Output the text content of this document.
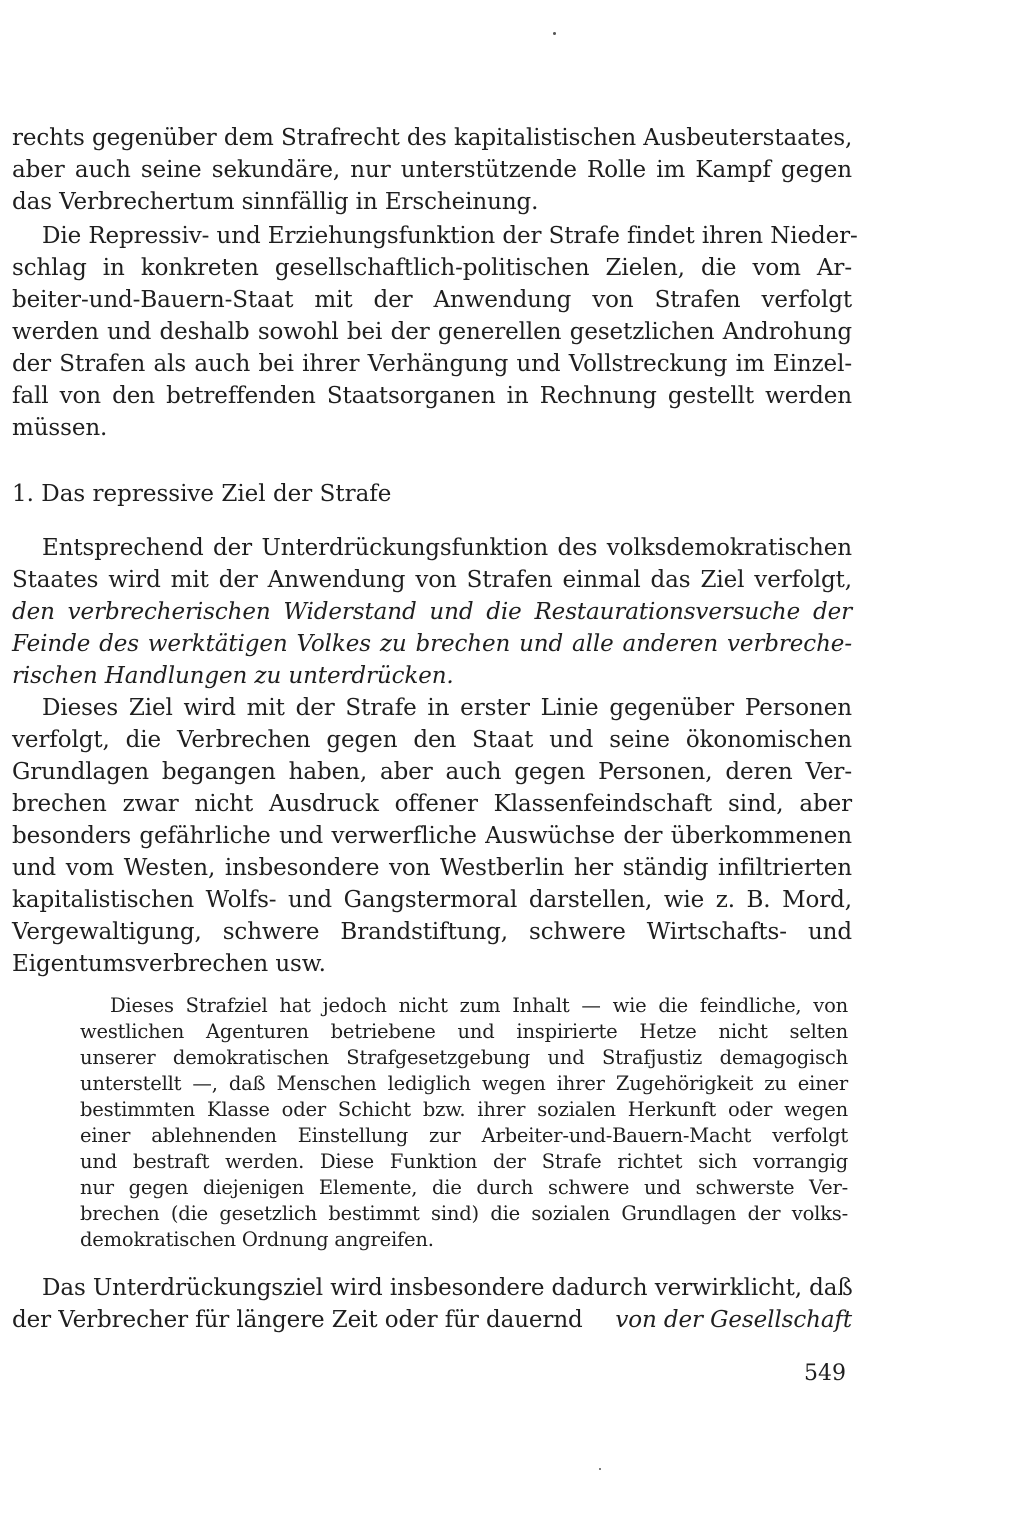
rechts gegenüber dem Strafrecht des kapitalistischen Ausbeuterstaates,
aber auch seine sekundäre, nur unterstützende Rolle im Kampf gegen
das Verbrechertum sinnfällig in Erscheinung.
Die Repressiv- und Erziehungsfunktion der Strafe findet ihren Nieder-
schlag in konkreten gesellschaftlich-politischen Zielen, die vom Ar-
beiter-und-Bauern-Staat mit der Anwendung von Strafen verfolgt
werden und deshalb sowohl bei der generellen gesetzlichen Androhung
der Strafen als auch bei ihrer Verhängung und Vollstreckung im Einzel-
fall von den betreffenden Staatsorganen in Rechnung gestellt werden
müssen.
1. Das repressive Ziel der Strafe
Entsprechend der Unterdrückungsfunktion des volksdemokratischen
Staates wird mit der Anwendung von Strafen einmal das Ziel verfolgt,
den verbrecherischen Widerstand und die Restaurationsversuche der
Feinde des werktätigen Volkes zu brechen und alle anderen verbreche-
rischen Handlungen zu unterdrücken.
Dieses Ziel wird mit der Strafe in erster Linie gegenüber Personen
verfolgt, die Verbrechen gegen den Staat und seine ökonomischen
Grundlagen begangen haben, aber auch gegen Personen, deren Ver-
brechen zwar nicht Ausdruck offener Klassenfeindschaft sind, aber
besonders gefährliche und verwerfliche Auswüchse der überkommenen
und vom Westen, insbesondere von Westberlin her ständig infiltrierten
kapitalistischen Wolfs- und Gangstermoral darstellen, wie z. B. Mord,
Vergewaltigung, schwere Brandstiftung, schwere Wirtschafts- und
Eigentumsverbrechen usw.
Dieses Strafziel hat jedoch nicht zum Inhalt — wie die feindliche, von
westlichen Agenturen betriebene und inspirierte Hetze nicht selten
unserer demokratischen Strafgesetzgebung und Strafjustiz demagogisch
unterstellt —, daß Menschen lediglich wegen ihrer Zugehörigkeit zu einer
bestimmten Klasse oder Schicht bzw. ihrer sozialen Herkunft oder wegen
einer ablehnenden Einstellung zur Arbeiter-und-Bauern-Macht verfolgt
und bestraft werden. Diese Funktion der Strafe richtet sich vorrangig
nur gegen diejenigen Elemente, die durch schwere und schwerste Ver-
brechen (die gesetzlich bestimmt sind) die sozialen Grundlagen der volks-
demokratischen Ordnung angreifen.
Das Unterdrückungsziel wird insbesondere dadurch verwirklicht, daß
der Verbrecher für längere Zeit oder für dauernd von der Gesellschaft
549
